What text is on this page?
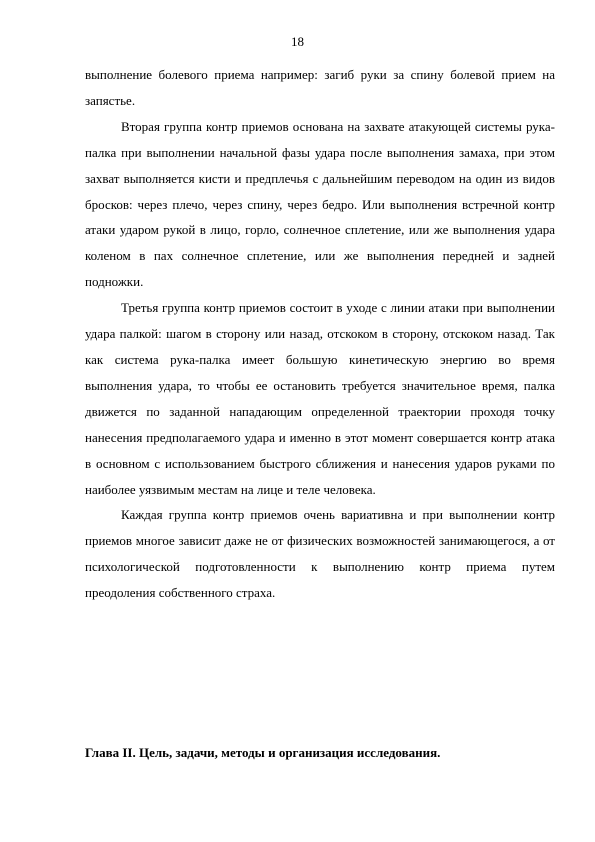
18

выполнение болевого приема например: загиб руки за спину болевой прием на запястье.

Вторая группа контр приемов основана на захвате атакующей системы рука-палка при выполнении начальной фазы удара после выполнения замаха, при этом захват выполняется кисти и предплечья с дальнейшим переводом на один из видов бросков: через плечо, через спину, через бедро. Или выполнения встречной контр атаки ударом рукой в лицо, горло, солнечное сплетение, или же выполнения удара коленом в пах солнечное сплетение, или же выполнения передней и задней подножки.

Третья группа контр приемов состоит в уходе с линии атаки при выполнении удара палкой: шагом в сторону или назад, отскоком в сторону, отскоком назад. Так как система рука-палка имеет большую кинетическую энергию во время выполнения удара, то чтобы ее остановить требуется значительное время, палка движется по заданной нападающим определенной траектории проходя точку нанесения предполагаемого удара и именно в этот момент совершается контр атака в основном с использованием быстрого сближения и нанесения ударов руками по наиболее уязвимым местам на лице и теле человека.

Каждая группа контр приемов очень вариативна и при выполнении контр приемов многое зависит даже не от физических возможностей занимающегося, а от психологической подготовленности к выполнению контр приема путем преодоления собственного страха.

Глава II. Цель, задачи, методы и организация исследования.
